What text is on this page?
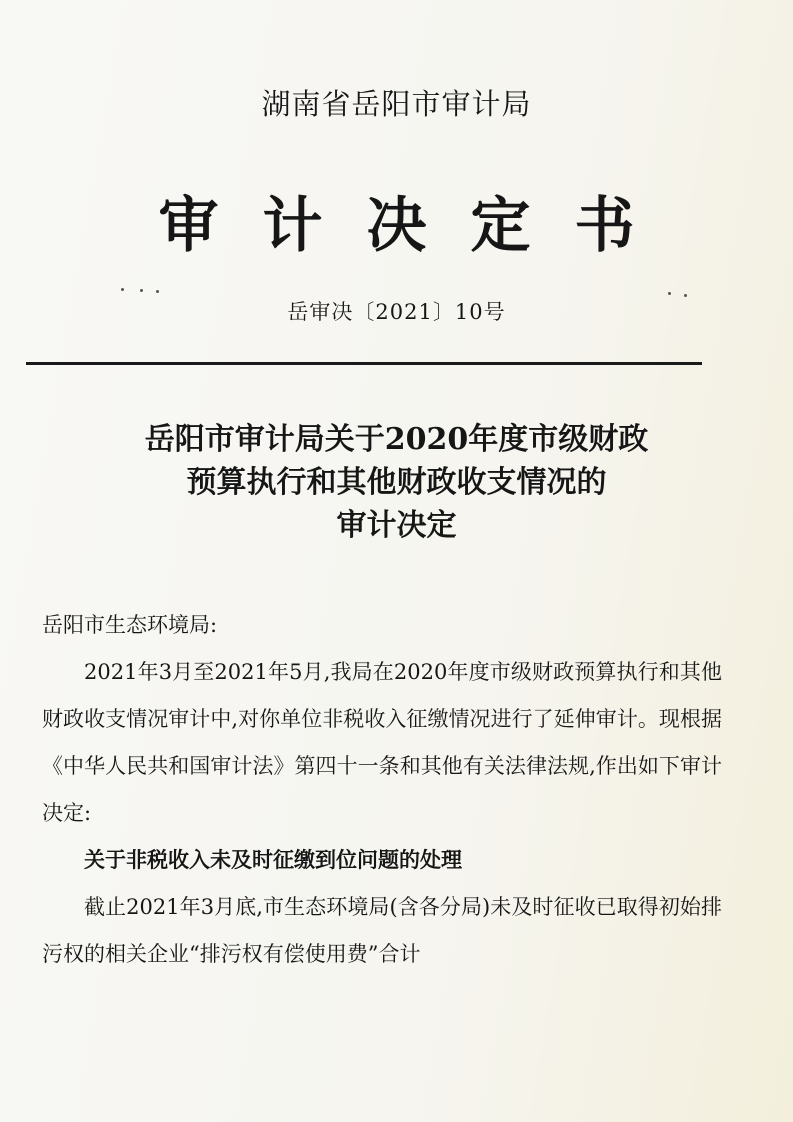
湖南省岳阳市审计局
审计决定书
岳审决〔2021〕10号
岳阳市审计局关于2020年度市级财政
预算执行和其他财政收支情况的
审计决定

岳阳市生态环境局:

2021年3月至2021年5月,我局在2020年度市级财政预算执行和其他财政收支情况审计中,对你单位非税收入征缴情况进行了延伸审计。现根据《中华人民共和国审计法》第四十一条和其他有关法律法规,作出如下审计决定:

关于非税收入未及时征缴到位问题的处理

截止2021年3月底,市生态环境局(含各分局)未及时征收已取得初始排污权的相关企业“排污权有偿使用费”合计
